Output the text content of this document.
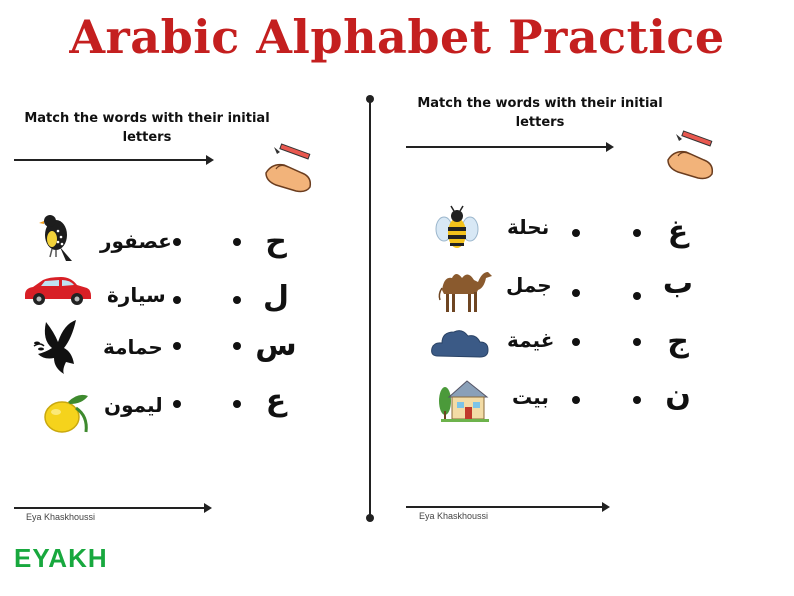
Arabic Alphabet Practice
Match the words with their initial letters
عصفور	ح
سيارة	ل
حمامة	س
ليمون	ع
Eya Khaskhoussi
Match the words with their initial letters
نحلة	غ
جمل	ب
غيمة	ج
بيت	ن
Eya Khaskhoussi
EYAKH
